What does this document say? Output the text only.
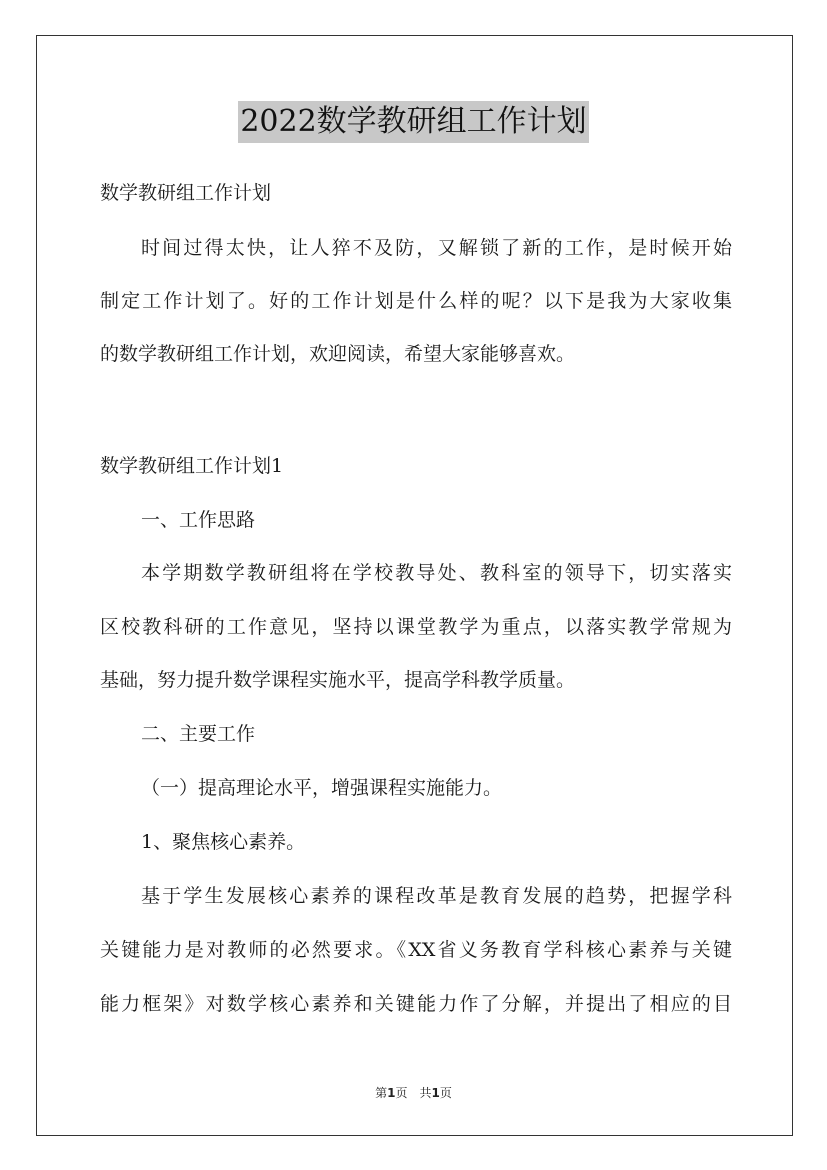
2022数学教研组工作计划
数学教研组工作计划
时间过得太快，让人猝不及防，又解锁了新的工作，是时候开始
制定工作计划了。好的工作计划是什么样的呢？以下是我为大家收集
的数学教研组工作计划，欢迎阅读，希望大家能够喜欢。
数学教研组工作计划1
一、工作思路
本学期数学教研组将在学校教导处、教科室的领导下，切实落实
区校教科研的工作意见，坚持以课堂教学为重点，以落实教学常规为
基础，努力提升数学课程实施水平，提高学科教学质量。
二、主要工作
（一）提高理论水平，增强课程实施能力。
1、聚焦核心素养。
基于学生发展核心素养的课程改革是教育发展的趋势，把握学科
关键能力是对教师的必然要求。《XX省义务教育学科核心素养与关键
能力框架》对数学核心素养和关键能力作了分解，并提出了相应的目
第1页 共1页
